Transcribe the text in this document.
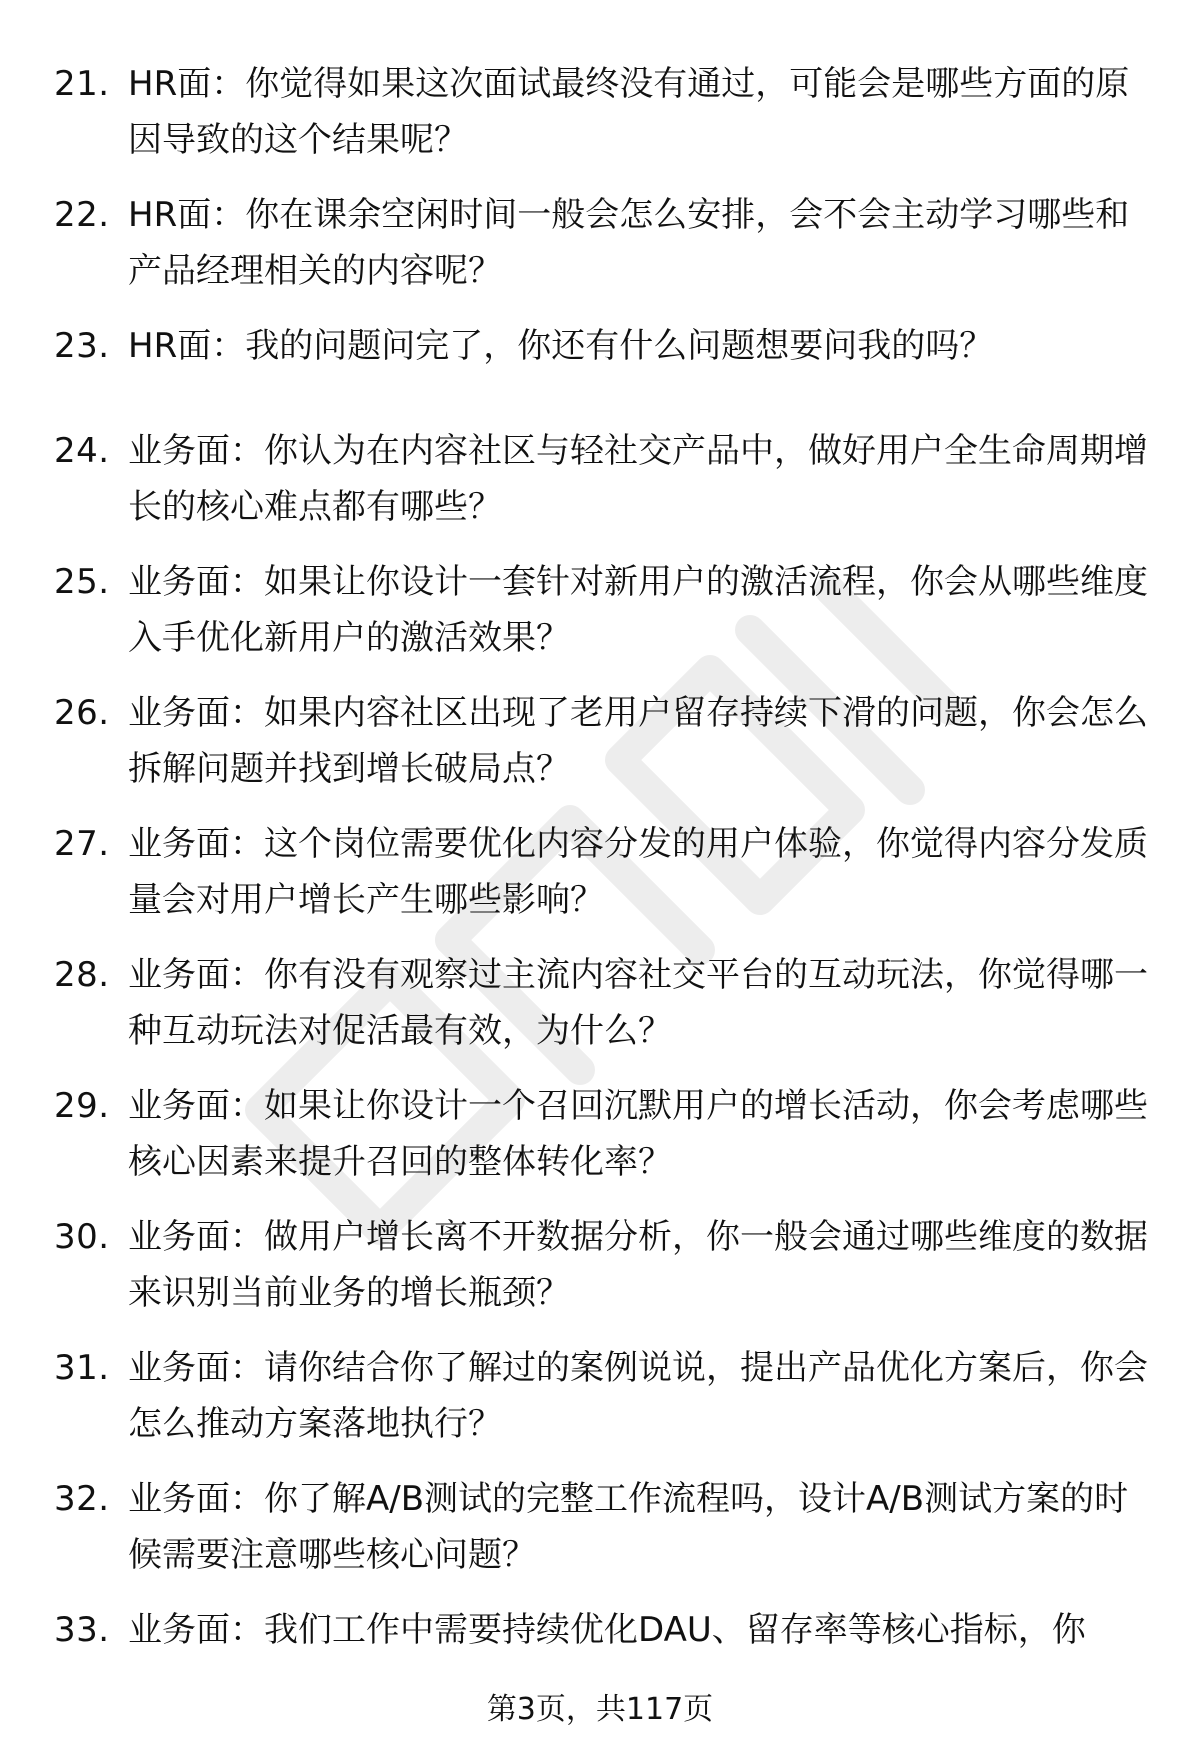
21. HR面：你觉得如果这次面试最终没有通过，可能会是哪些方面的原因导致的这个结果呢？
22. HR面：你在课余空闲时间一般会怎么安排，会不会主动学习哪些和产品经理相关的内容呢？
23. HR面：我的问题问完了，你还有什么问题想要问我的吗？
24. 业务面：你认为在内容社区与轻社交产品中，做好用户全生命周期增长的核心难点都有哪些？
25. 业务面：如果让你设计一套针对新用户的激活流程，你会从哪些维度入手优化新用户的激活效果？
26. 业务面：如果内容社区出现了老用户留存持续下滑的问题，你会怎么拆解问题并找到增长破局点？
27. 业务面：这个岗位需要优化内容分发的用户体验，你觉得内容分发质量会对用户增长产生哪些影响？
28. 业务面：你有没有观察过主流内容社交平台的互动玩法，你觉得哪一种互动玩法对促活最有效，为什么？
29. 业务面：如果让你设计一个召回沉默用户的增长活动，你会考虑哪些核心因素来提升召回的整体转化率？
30. 业务面：做用户增长离不开数据分析，你一般会通过哪些维度的数据来识别当前业务的增长瓶颈？
31. 业务面：请你结合你了解过的案例说说，提出产品优化方案后，你会怎么推动方案落地执行？
32. 业务面：你了解A/B测试的完整工作流程吗，设计A/B测试方案的时候需要注意哪些核心问题？
33. 业务面：我们工作中需要持续优化DAU、留存率等核心指标，你
第3页，共117页
